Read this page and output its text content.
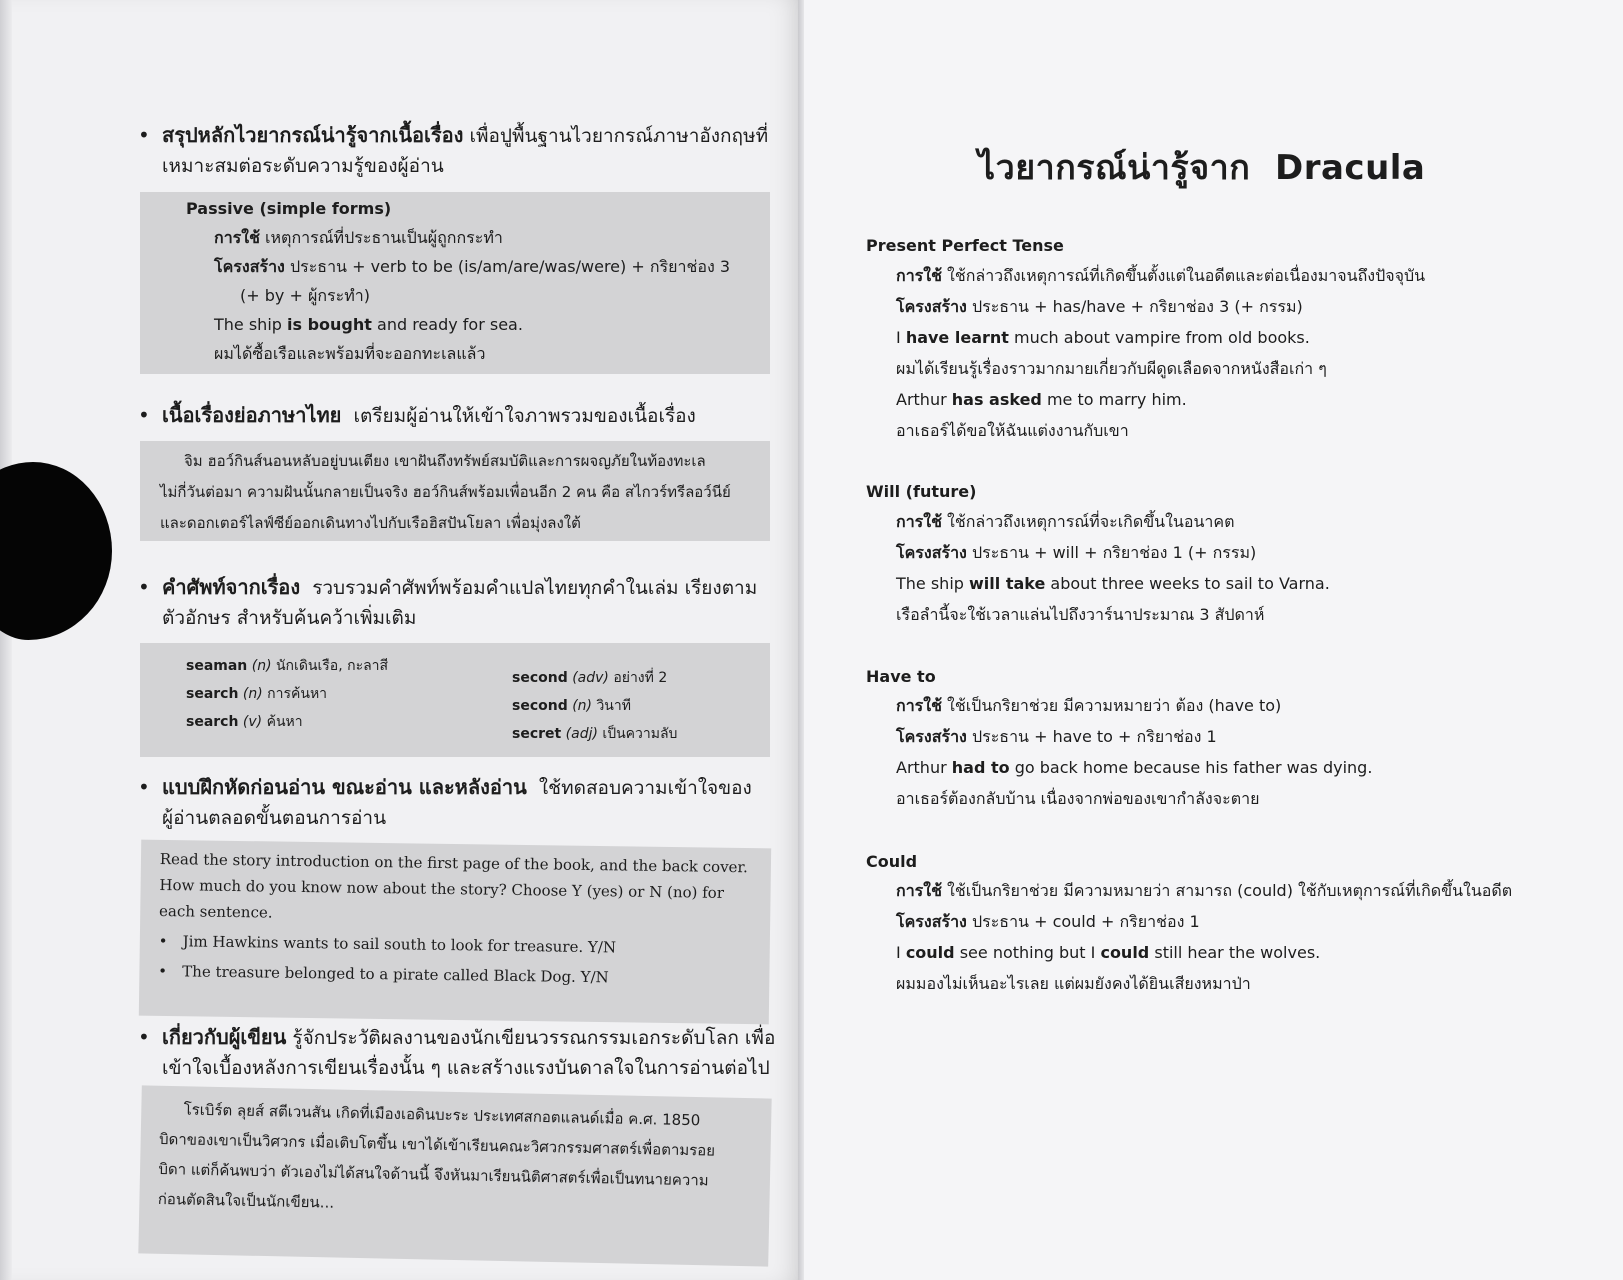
• สรุปหลักไวยากรณ์น่ารู้จากเนื้อเรื่อง เพื่อปูพื้นฐานไวยากรณ์ภาษาอังกฤษที่
เหมาะสมต่อระดับความรู้ของผู้อ่าน
Passive (simple forms)
การใช้ เหตุการณ์ที่ประธานเป็นผู้ถูกกระทำ
โครงสร้าง ประธาน + verb to be (is/am/are/was/were) + กริยาช่อง 3
(+ by + ผู้กระทำ)
The ship is bought and ready for sea.
ผมได้ซื้อเรือและพร้อมที่จะออกทะเลแล้ว
• เนื้อเรื่องย่อภาษาไทย เตรียมผู้อ่านให้เข้าใจภาพรวมของเนื้อเรื่อง
จิม ฮอว์กินส์นอนหลับอยู่บนเตียง เขาฝันถึงทรัพย์สมบัติและการผจญภัยในท้องทะเล
ไม่กี่วันต่อมา ความฝันนั้นกลายเป็นจริง ฮอว์กินส์พร้อมเพื่อนอีก 2 คน คือ สไกวร์ทรีลอว์นีย์
และดอกเตอร์ไลฟ์ซีย์ออกเดินทางไปกับเรือฮิสปันโยลา เพื่อมุ่งลงใต้
• คำศัพท์จากเรื่อง รวบรวมคำศัพท์พร้อมคำแปลไทยทุกคำในเล่ม เรียงตาม
ตัวอักษร สำหรับค้นคว้าเพิ่มเติม
seaman (n) นักเดินเรือ, กะลาสี
search (n) การค้นหา
search (v) ค้นหา
second (adv) อย่างที่ 2
second (n) วินาที
secret (adj) เป็นความลับ
• แบบฝึกหัดก่อนอ่าน ขณะอ่าน และหลังอ่าน ใช้ทดสอบความเข้าใจของ
ผู้อ่านตลอดขั้นตอนการอ่าน
Read the story introduction on the first page of the book, and the back cover. How much do you know now about the story? Choose Y (yes) or N (no) for each sentence.
• Jim Hawkins wants to sail south to look for treasure. Y/N
• The treasure belonged to a pirate called Black Dog. Y/N
• เกี่ยวกับผู้เขียน รู้จักประวัติผลงานของนักเขียนวรรณกรรมเอกระดับโลก เพื่อ
เข้าใจเบื้องหลังการเขียนเรื่องนั้น ๆ และสร้างแรงบันดาลใจในการอ่านต่อไป
โรเบิร์ต ลุยส์ สตีเวนสัน เกิดที่เมืองเอดินบะระ ประเทศสกอตแลนด์เมื่อ ค.ศ. 1850
บิดาของเขาเป็นวิศวกร เมื่อเติบโตขึ้น เขาได้เข้าเรียนคณะวิศวกรรมศาสตร์เพื่อตามรอย
บิดา แต่ก็ค้นพบว่า ตัวเองไม่ได้สนใจด้านนี้ จึงหันมาเรียนนิติศาสตร์เพื่อเป็นทนายความ
ก่อนตัดสินใจเป็นนักเขียน...
ไวยากรณ์น่ารู้จาก Dracula
Present Perfect Tense
การใช้ ใช้กล่าวถึงเหตุการณ์ที่เกิดขึ้นตั้งแต่ในอดีตและต่อเนื่องมาจนถึงปัจจุบัน
โครงสร้าง ประธาน + has/have + กริยาช่อง 3 (+ กรรม)
I have learnt much about vampire from old books.
ผมได้เรียนรู้เรื่องราวมากมายเกี่ยวกับผีดูดเลือดจากหนังสือเก่า ๆ
Arthur has asked me to marry him.
อาเธอร์ได้ขอให้ฉันแต่งงานกับเขา
Will (future)
การใช้ ใช้กล่าวถึงเหตุการณ์ที่จะเกิดขึ้นในอนาคต
โครงสร้าง ประธาน + will + กริยาช่อง 1 (+ กรรม)
The ship will take about three weeks to sail to Varna.
เรือลำนี้จะใช้เวลาแล่นไปถึงวาร์นาประมาณ 3 สัปดาห์
Have to
การใช้ ใช้เป็นกริยาช่วย มีความหมายว่า ต้อง (have to)
โครงสร้าง ประธาน + have to + กริยาช่อง 1
Arthur had to go back home because his father was dying.
อาเธอร์ต้องกลับบ้าน เนื่องจากพ่อของเขากำลังจะตาย
Could
การใช้ ใช้เป็นกริยาช่วย มีความหมายว่า สามารถ (could) ใช้กับเหตุการณ์ที่เกิดขึ้นในอดีต
โครงสร้าง ประธาน + could + กริยาช่อง 1
I could see nothing but I could still hear the wolves.
ผมมองไม่เห็นอะไรเลย แต่ผมยังคงได้ยินเสียงหมาป่า
